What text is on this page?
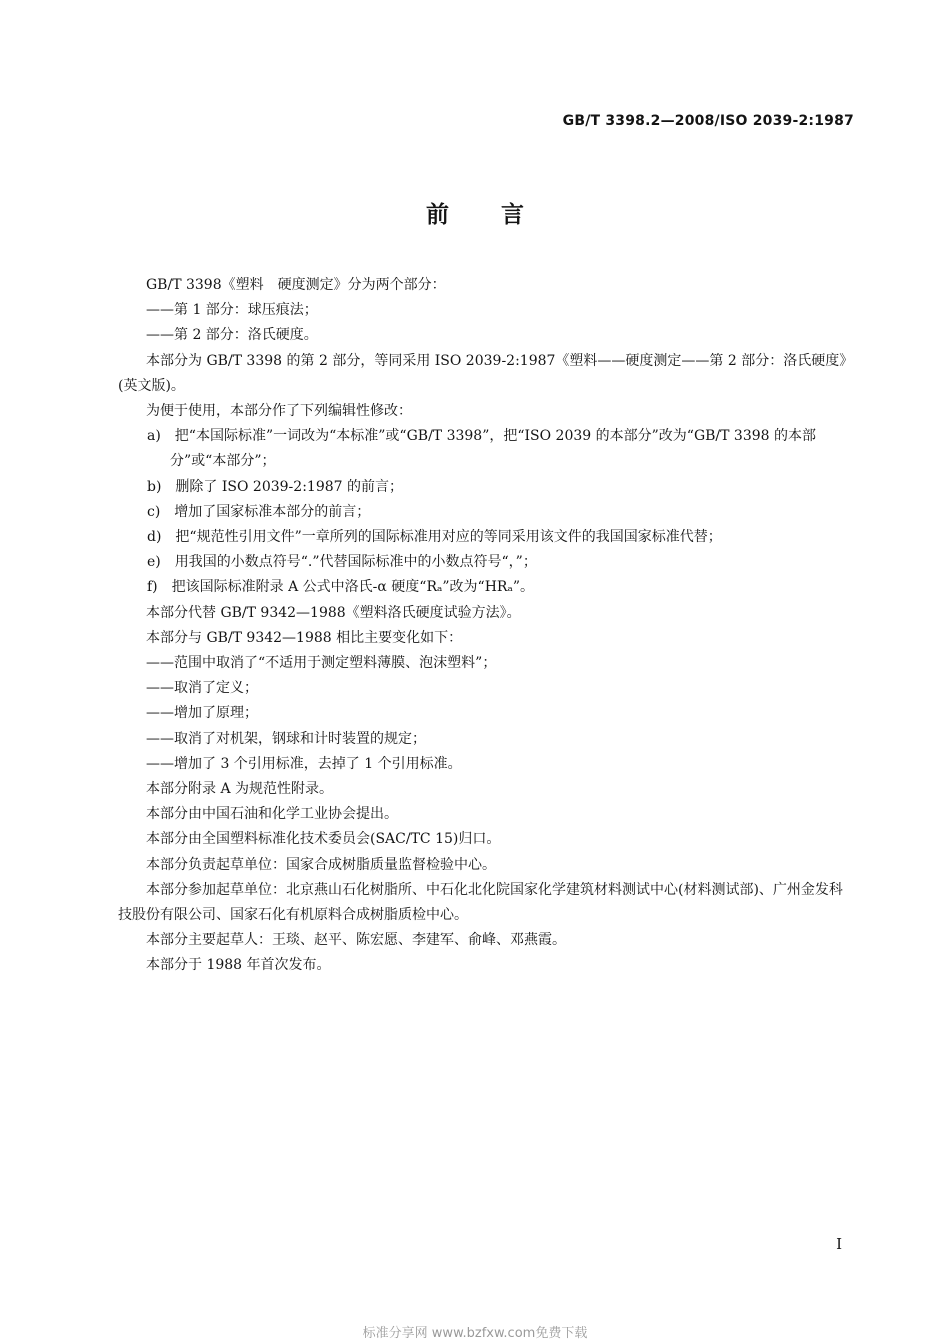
GB/T 3398.2—2008/ISO 2039-2:1987
前言

GB/T 3398《塑料　硬度测定》分为两个部分：

——第 1 部分：球压痕法；

——第 2 部分：洛氏硬度。

本部分为 GB/T 3398 的第 2 部分，等同采用 ISO 2039-2:1987《塑料——硬度测定——第 2 部分：洛氏硬度》(英文版)。

为便于使用，本部分作了下列编辑性修改：

a)　把“本国际标准”一词改为“本标准”或“GB/T 3398”，把“ISO 2039 的本部分”改为“GB/T 3398 的本部分”或“本部分”；

b)　删除了 ISO 2039-2:1987 的前言；

c)　增加了国家标准本部分的前言；

d)　把“规范性引用文件”一章所列的国际标准用对应的等同采用该文件的我国国家标准代替；

e)　用我国的小数点符号“.”代替国际标准中的小数点符号“，”；

f)　把该国际标准附录 A 公式中洛氏-α 硬度“Rₐ”改为“HRₐ”。

本部分代替 GB/T 9342—1988《塑料洛氏硬度试验方法》。

本部分与 GB/T 9342—1988 相比主要变化如下：

——范围中取消了“不适用于测定塑料薄膜、泡沫塑料”；

——取消了定义；

——增加了原理；

——取消了对机架，钢球和计时装置的规定；

——增加了 3 个引用标准，去掉了 1 个引用标准。

本部分附录 A 为规范性附录。

本部分由中国石油和化学工业协会提出。

本部分由全国塑料标准化技术委员会(SAC/TC 15)归口。

本部分负责起草单位：国家合成树脂质量监督检验中心。

本部分参加起草单位：北京燕山石化树脂所、中石化北化院国家化学建筑材料测试中心(材料测试部)、广州金发科技股份有限公司、国家石化有机原料合成树脂质检中心。

本部分主要起草人：王琰、赵平、陈宏愿、李建军、俞峰、邓燕霞。

本部分于 1988 年首次发布。

I
标准分享网 www.bzfxw.com免费下载
